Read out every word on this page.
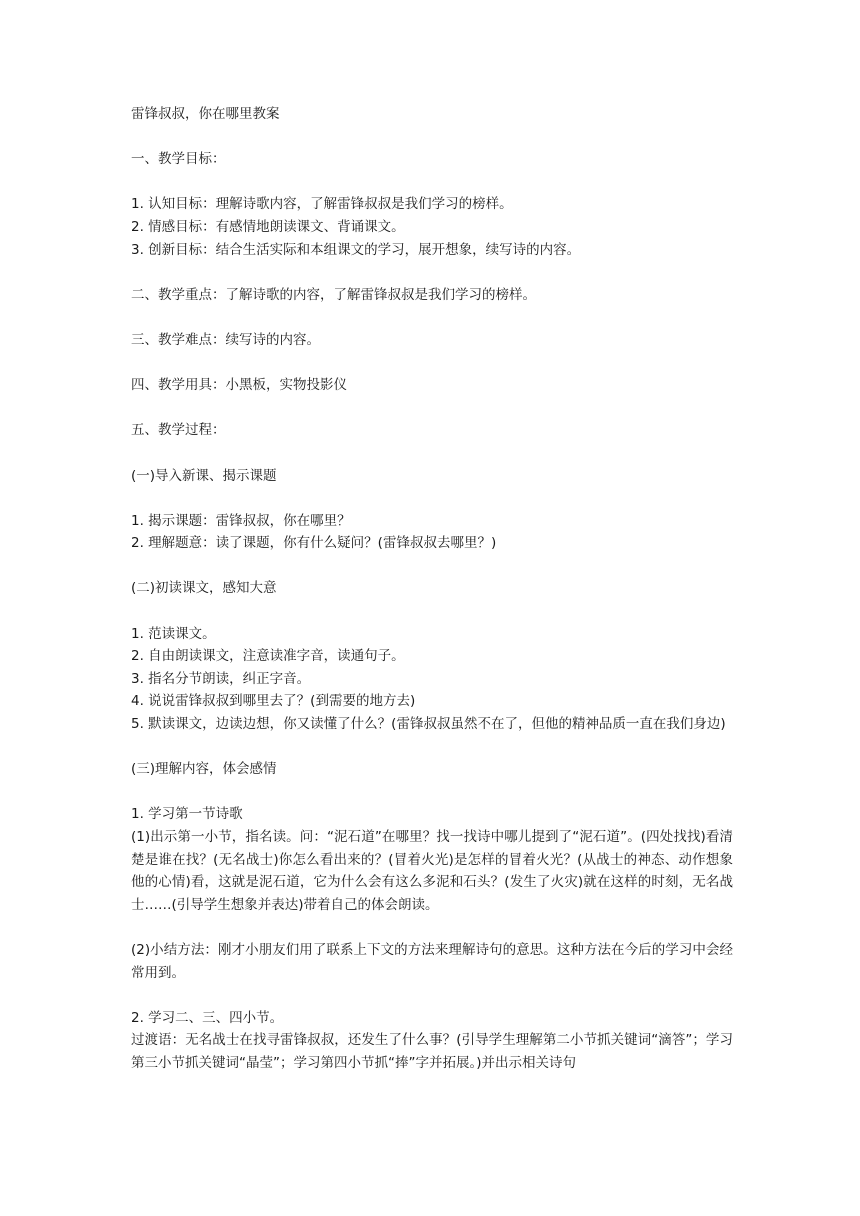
雷锋叔叔，你在哪里教案

一、教学目标：
1. 认知目标：理解诗歌内容，了解雷锋叔叔是我们学习的榜样。
2. 情感目标：有感情地朗读课文、背诵课文。
3. 创新目标：结合生活实际和本组课文的学习，展开想象，续写诗的内容。
二、教学重点：了解诗歌的内容，了解雷锋叔叔是我们学习的榜样。
三、教学难点：续写诗的内容。
四、教学用具：小黑板，实物投影仪
五、教学过程：
(一)导入新课、揭示课题
1. 揭示课题：雷锋叔叔，你在哪里？
2. 理解题意：读了课题，你有什么疑问？(雷锋叔叔去哪里？)
(二)初读课文，感知大意
1. 范读课文。
2. 自由朗读课文，注意读准字音，读通句子。
3. 指名分节朗读，纠正字音。
4. 说说雷锋叔叔到哪里去了？(到需要的地方去)
5. 默读课文，边读边想，你又读懂了什么？(雷锋叔叔虽然不在了，但他的精神品质一直在我们身边)
(三)理解内容，体会感情
1. 学习第一节诗歌
(1)出示第一小节，指名读。问：“泥石道”在哪里？找一找诗中哪儿提到了“泥石道”。(四处找找)看清楚是谁在找？(无名战士)你怎么看出来的？(冒着火光)是怎样的冒着火光？(从战士的神态、动作想象他的心情)看，这就是泥石道，它为什么会有这么多泥和石头？(发生了火灾)就在这样的时刻，无名战士……(引导学生想象并表达)带着自己的体会朗读。
(2)小结方法：刚才小朋友们用了联系上下文的方法来理解诗句的意思。这种方法在今后的学习中会经常用到。
2. 学习二、三、四小节。
过渡语：无名战士在找寻雷锋叔叔，还发生了什么事？(引导学生理解第二小节抓关键词“滴答”；学习第三小节抓关键词“晶莹”；学习第四小节抓“捧”字并拓展。)并出示相关诗句
